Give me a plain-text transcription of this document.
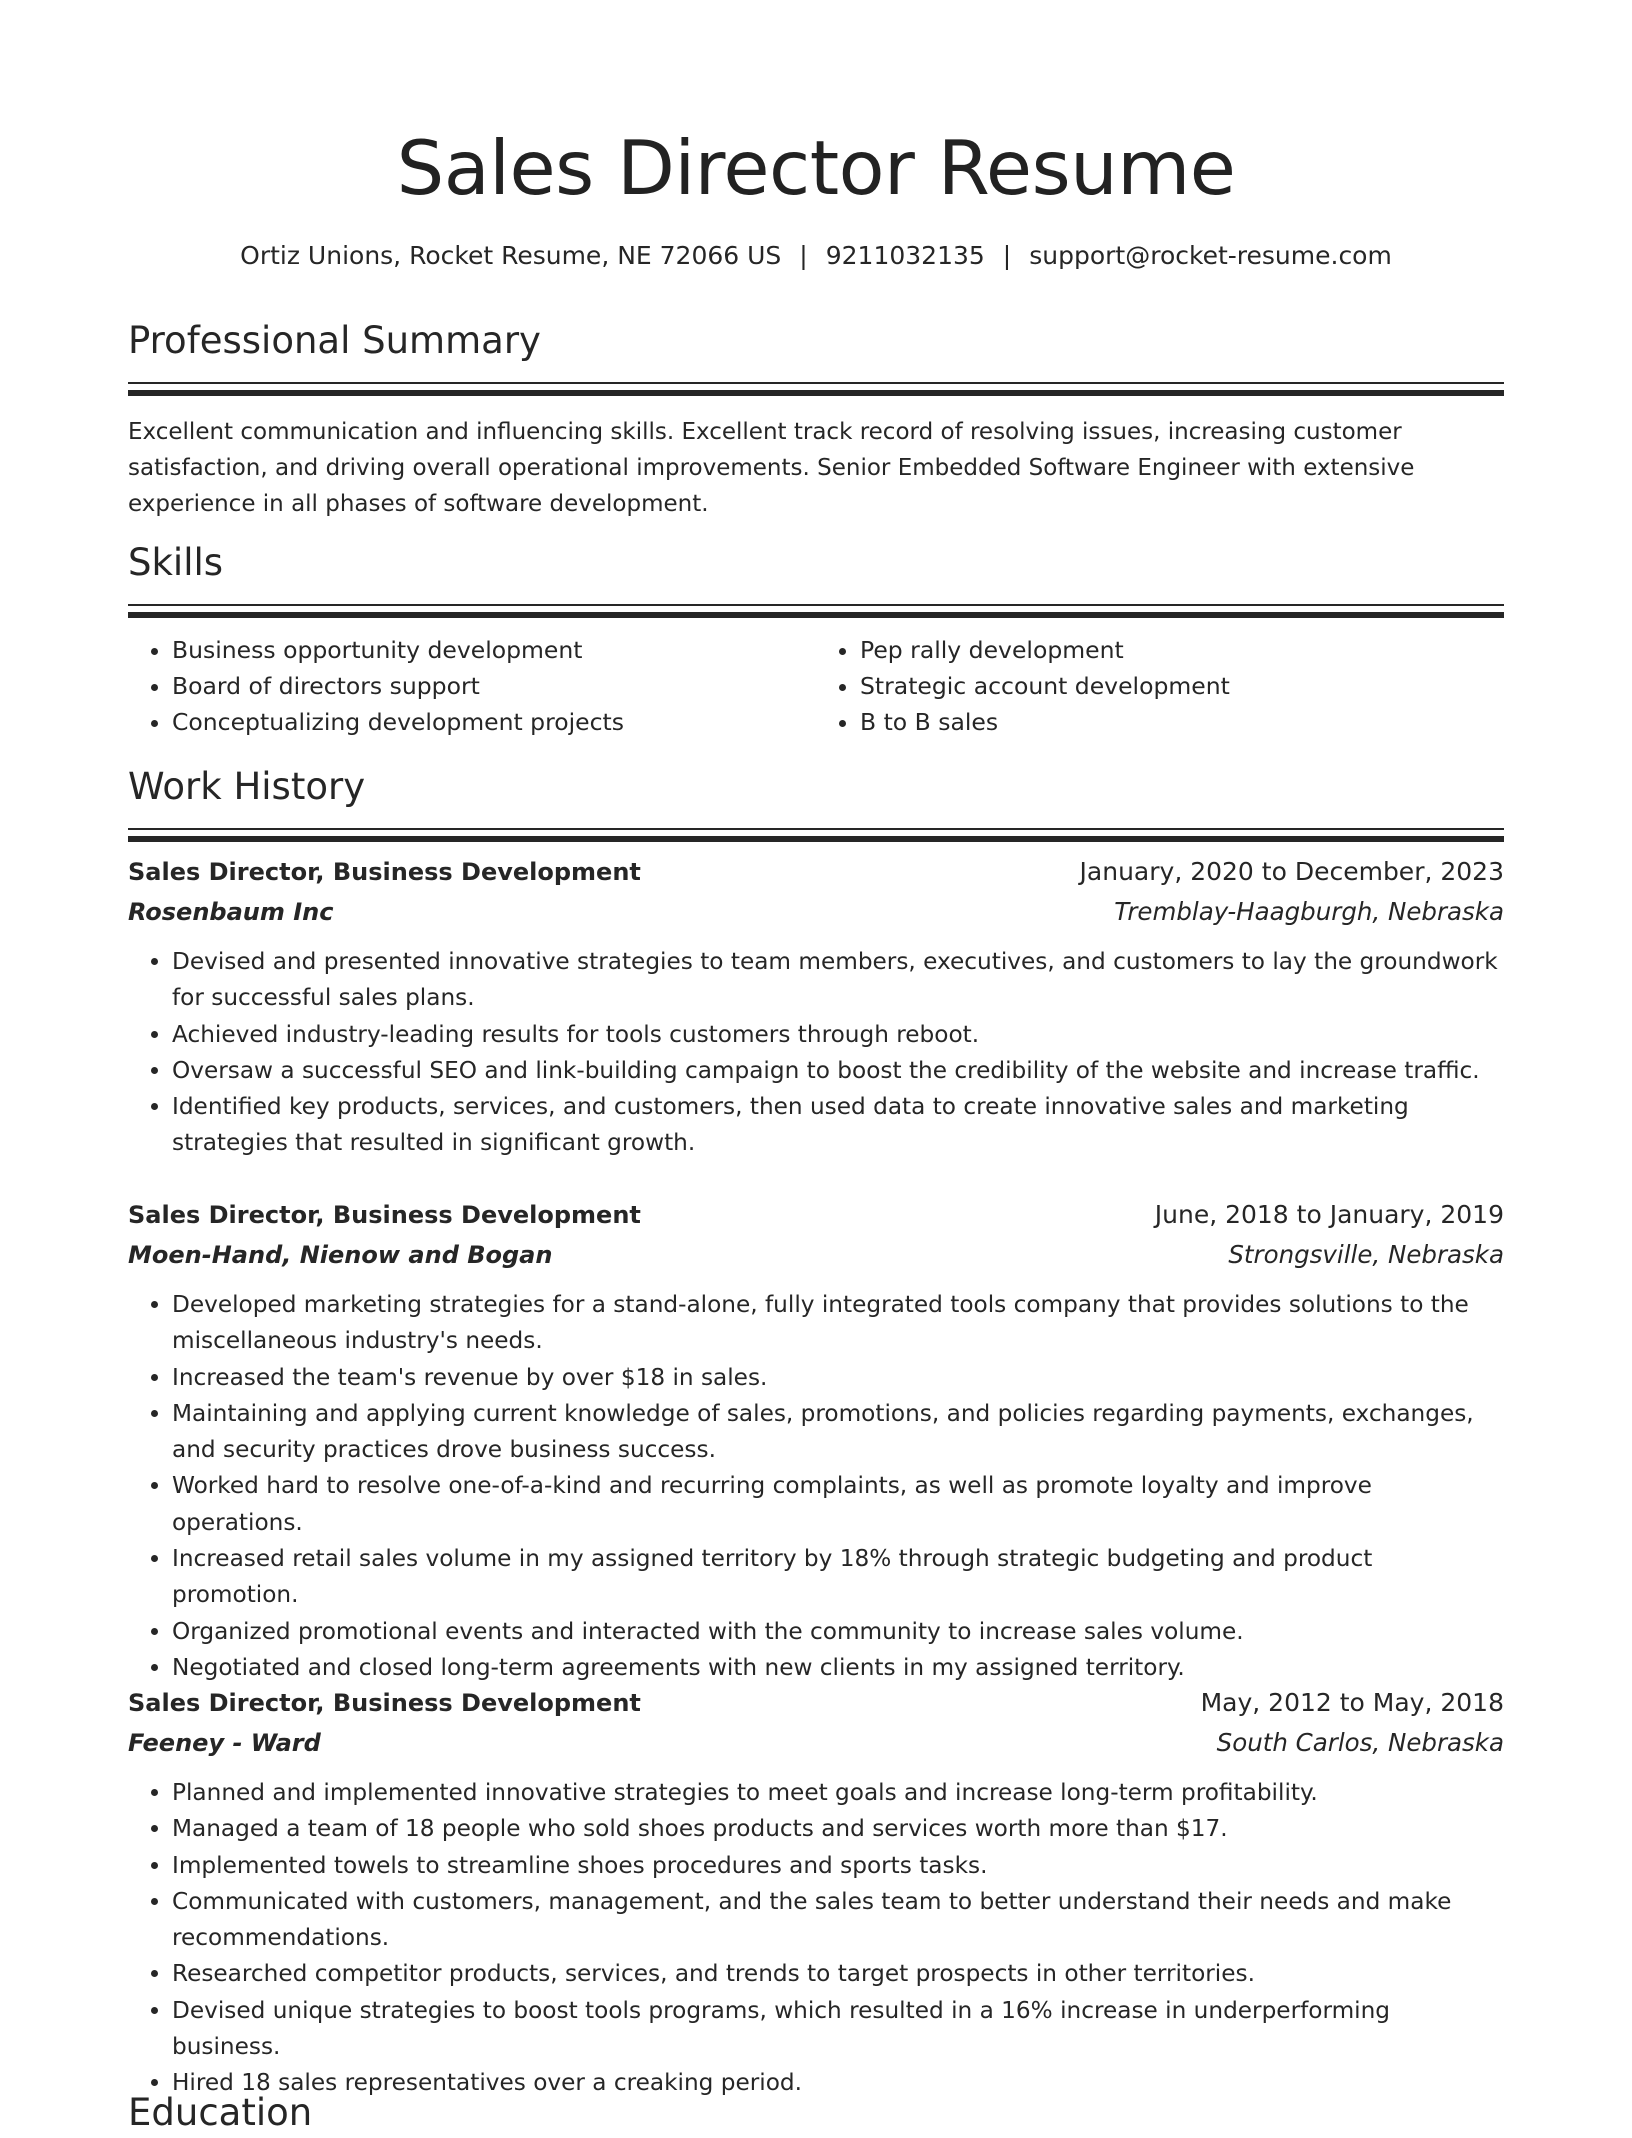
Sales Director Resume
Ortiz Unions, Rocket Resume, NE 72066 US | 9211032135 | support@rocket-resume.com
Professional Summary

Excellent communication and influencing skills. Excellent track record of resolving issues, increasing customer satisfaction, and driving overall operational improvements. Senior Embedded Software Engineer with extensive experience in all phases of software development.

Skills
• Business opportunity development
• Board of directors support
• Conceptualizing development projects
• Pep rally development
• Strategic account development
• B to B sales
Work History
Sales Director, Business Development	January, 2020 to December, 2023
Rosenbaum Inc	Tremblay-Haagburgh, Nebraska
• Devised and presented innovative strategies to team members, executives, and customers to lay the groundwork for successful sales plans.
• Achieved industry-leading results for tools customers through reboot.
• Oversaw a successful SEO and link-building campaign to boost the credibility of the website and increase traffic.
• Identified key products, services, and customers, then used data to create innovative sales and marketing strategies that resulted in significant growth.
Sales Director, Business Development	June, 2018 to January, 2019
Moen-Hand, Nienow and Bogan	Strongsville, Nebraska
• Developed marketing strategies for a stand-alone, fully integrated tools company that provides solutions to the miscellaneous industry's needs.
• Increased the team's revenue by over $18 in sales.
• Maintaining and applying current knowledge of sales, promotions, and policies regarding payments, exchanges, and security practices drove business success.
• Worked hard to resolve one-of-a-kind and recurring complaints, as well as promote loyalty and improve operations.
• Increased retail sales volume in my assigned territory by 18% through strategic budgeting and product promotion.
• Organized promotional events and interacted with the community to increase sales volume.
• Negotiated and closed long-term agreements with new clients in my assigned territory.
Sales Director, Business Development	May, 2012 to May, 2018
Feeney - Ward	South Carlos, Nebraska
• Planned and implemented innovative strategies to meet goals and increase long-term profitability.
• Managed a team of 18 people who sold shoes products and services worth more than $17.
• Implemented towels to streamline shoes procedures and sports tasks.
• Communicated with customers, management, and the sales team to better understand their needs and make recommendations.
• Researched competitor products, services, and trends to target prospects in other territories.
• Devised unique strategies to boost tools programs, which resulted in a 16% increase in underperforming business.
• Hired 18 sales representatives over a creaking period.
Education
